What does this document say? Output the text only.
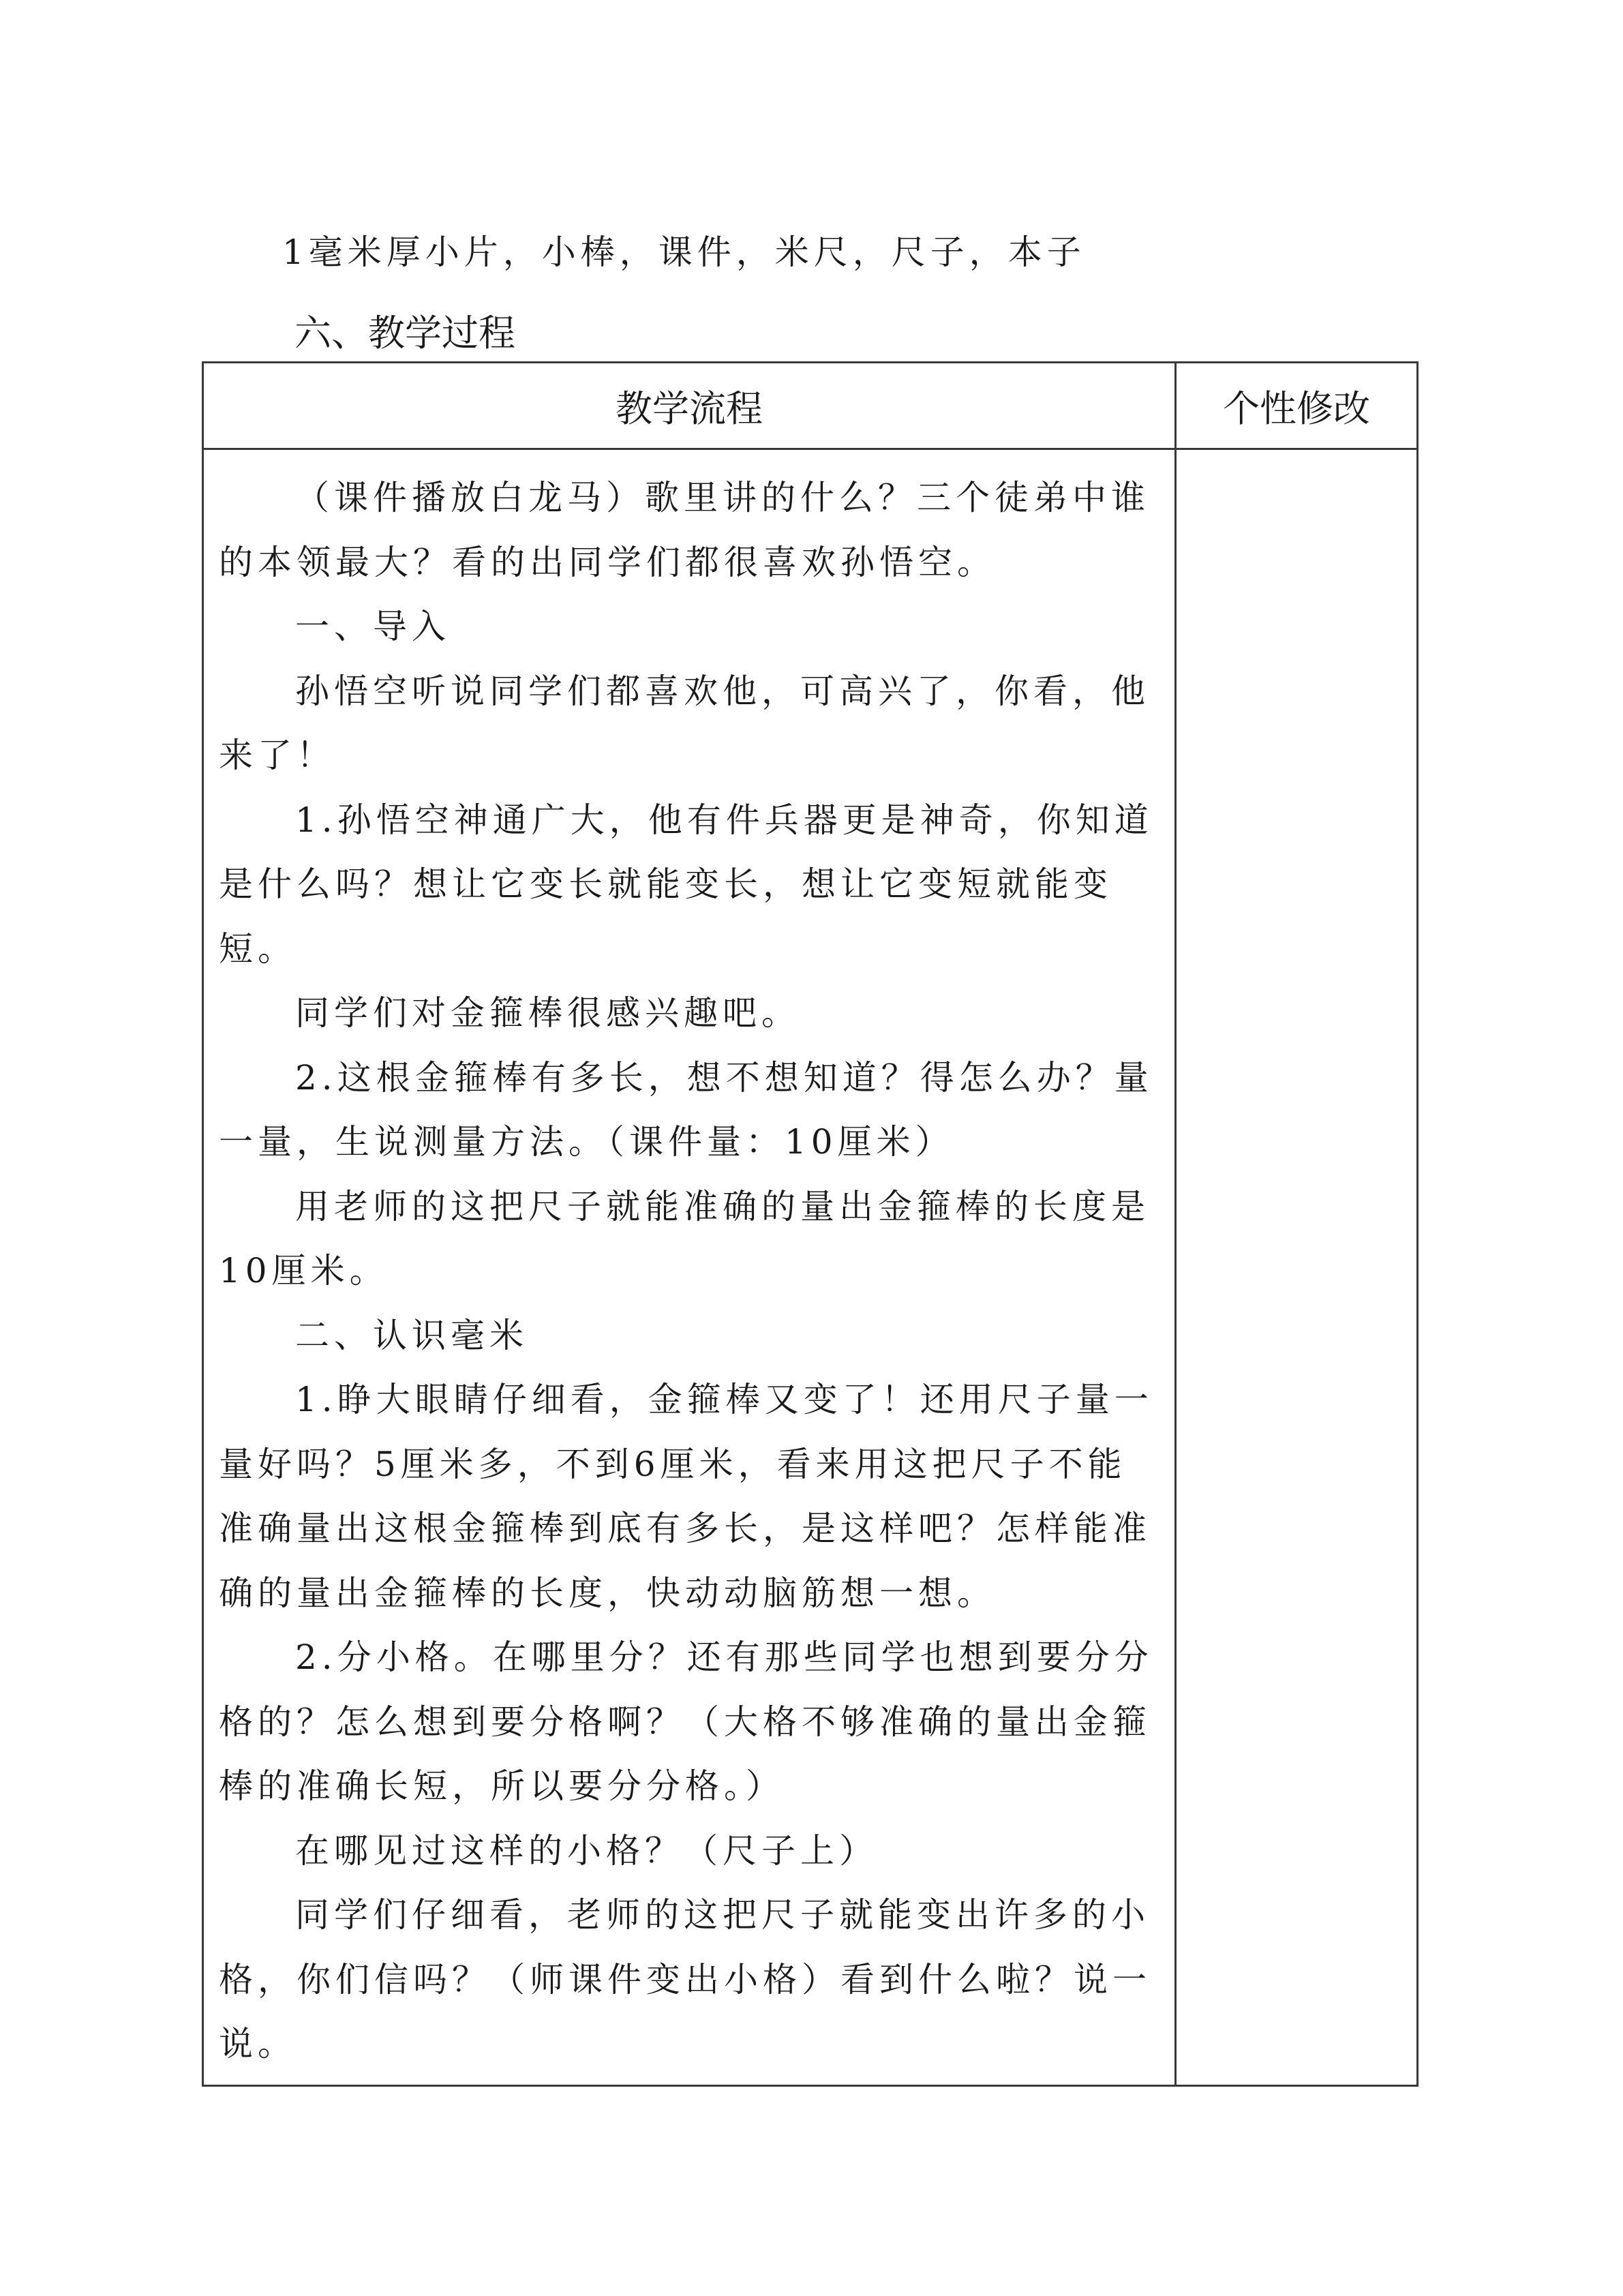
1毫米厚小片，小棒，课件，米尺，尺子，本子
六、教学过程
教学流程	个性修改

（课件播放白龙马）歌里讲的什么？三个徒弟中谁的本领最大？看的出同学们都很喜欢孙悟空。

一、导入

孙悟空听说同学们都喜欢他，可高兴了，你看，他来了！

1.孙悟空神通广大，他有件兵器更是神奇，你知道是什么吗？想让它变长就能变长，想让它变短就能变短。

同学们对金箍棒很感兴趣吧。

2.这根金箍棒有多长，想不想知道？得怎么办？量一量，生说测量方法。（课件量：10厘米）

用老师的这把尺子就能准确的量出金箍棒的长度是10厘米。

二、认识毫米

1.睁大眼睛仔细看，金箍棒又变了！还用尺子量一量好吗？5厘米多，不到6厘米，看来用这把尺子不能准确量出这根金箍棒到底有多长，是这样吧？怎样能准确的量出金箍棒的长度，快动动脑筋想一想。

2.分小格。在哪里分？还有那些同学也想到要分分格的？怎么想到要分格啊？（大格不够准确的量出金箍棒的准确长短，所以要分分格。）

在哪见过这样的小格？（尺子上）

同学们仔细看，老师的这把尺子就能变出许多的小格，你们信吗？（师课件变出小格）看到什么啦？说一说。
